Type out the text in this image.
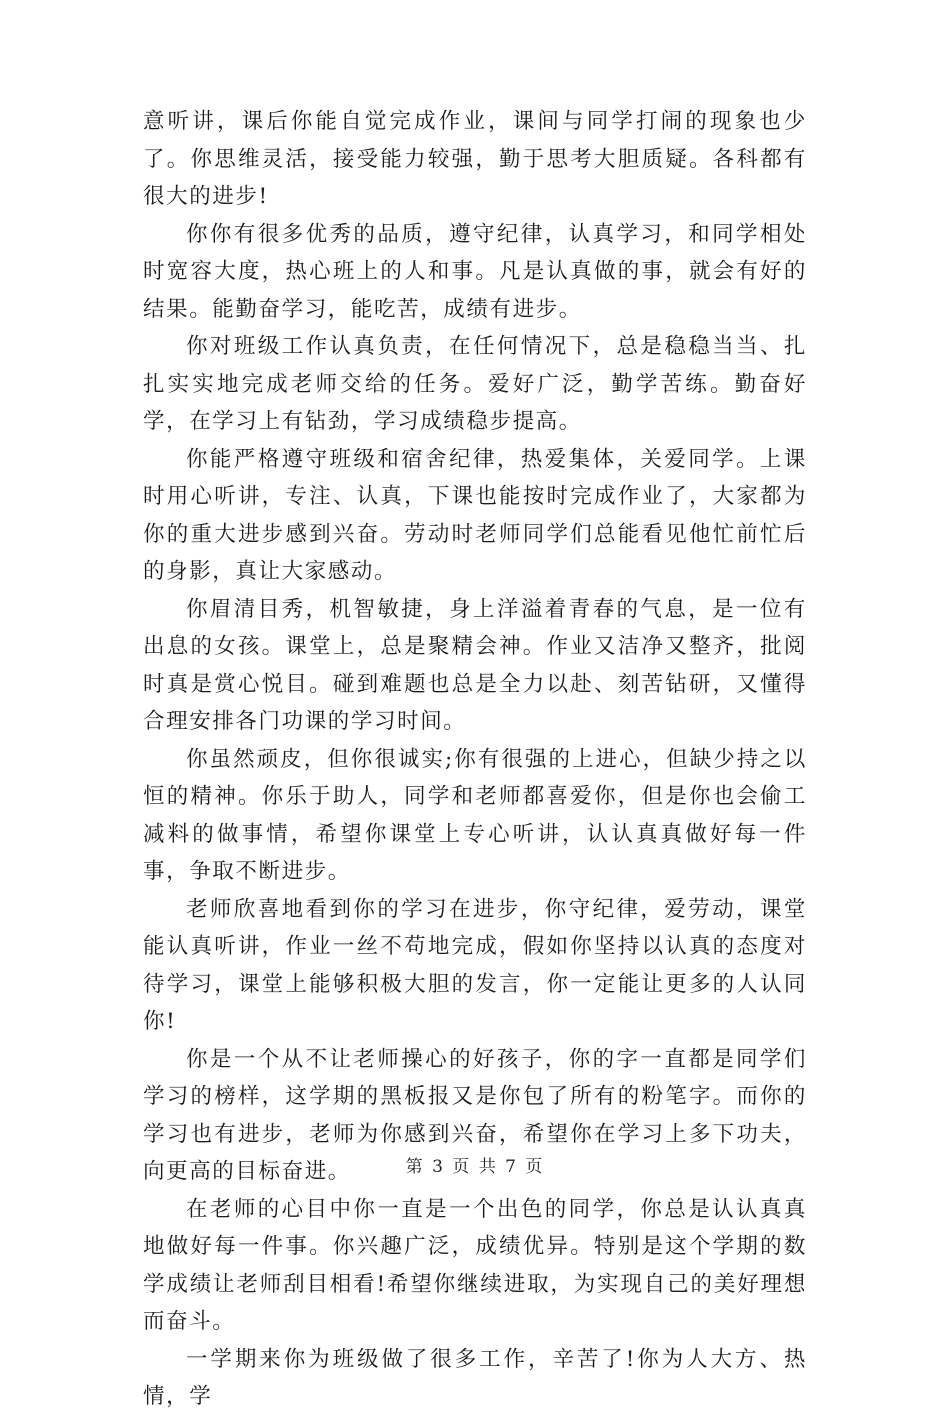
意听讲，课后你能自觉完成作业，课间与同学打闹的现象也少了。你思维灵活，接受能力较强，勤于思考大胆质疑。各科都有很大的进步!

你你有很多优秀的品质，遵守纪律，认真学习，和同学相处时宽容大度，热心班上的人和事。凡是认真做的事，就会有好的结果。能勤奋学习，能吃苦，成绩有进步。

你对班级工作认真负责，在任何情况下，总是稳稳当当、扎扎实实地完成老师交给的任务。爱好广泛，勤学苦练。勤奋好学，在学习上有钻劲，学习成绩稳步提高。

你能严格遵守班级和宿舍纪律，热爱集体，关爱同学。上课时用心听讲，专注、认真，下课也能按时完成作业了，大家都为你的重大进步感到兴奋。劳动时老师同学们总能看见他忙前忙后的身影，真让大家感动。

你眉清目秀，机智敏捷，身上洋溢着青春的气息，是一位有出息的女孩。课堂上，总是聚精会神。作业又洁净又整齐，批阅时真是赏心悦目。碰到难题也总是全力以赴、刻苦钻研，又懂得合理安排各门功课的学习时间。

你虽然顽皮，但你很诚实;你有很强的上进心，但缺少持之以恒的精神。你乐于助人，同学和老师都喜爱你，但是你也会偷工减料的做事情，希望你课堂上专心听讲，认认真真做好每一件事，争取不断进步。

老师欣喜地看到你的学习在进步，你守纪律，爱劳动，课堂能认真听讲，作业一丝不苟地完成，假如你坚持以认真的态度对待学习，课堂上能够积极大胆的发言，你一定能让更多的人认同你!

你是一个从不让老师操心的好孩子，你的字一直都是同学们学习的榜样，这学期的黑板报又是你包了所有的粉笔字。而你的学习也有进步，老师为你感到兴奋，希望你在学习上多下功夫，向更高的目标奋进。

在老师的心目中你一直是一个出色的同学，你总是认认真真地做好每一件事。你兴趣广泛，成绩优异。特别是这个学期的数学成绩让老师刮目相看!希望你继续进取，为实现自己的美好理想而奋斗。

一学期来你为班级做了很多工作，辛苦了!你为人大方、热情，学

第 3 页 共 7 页
